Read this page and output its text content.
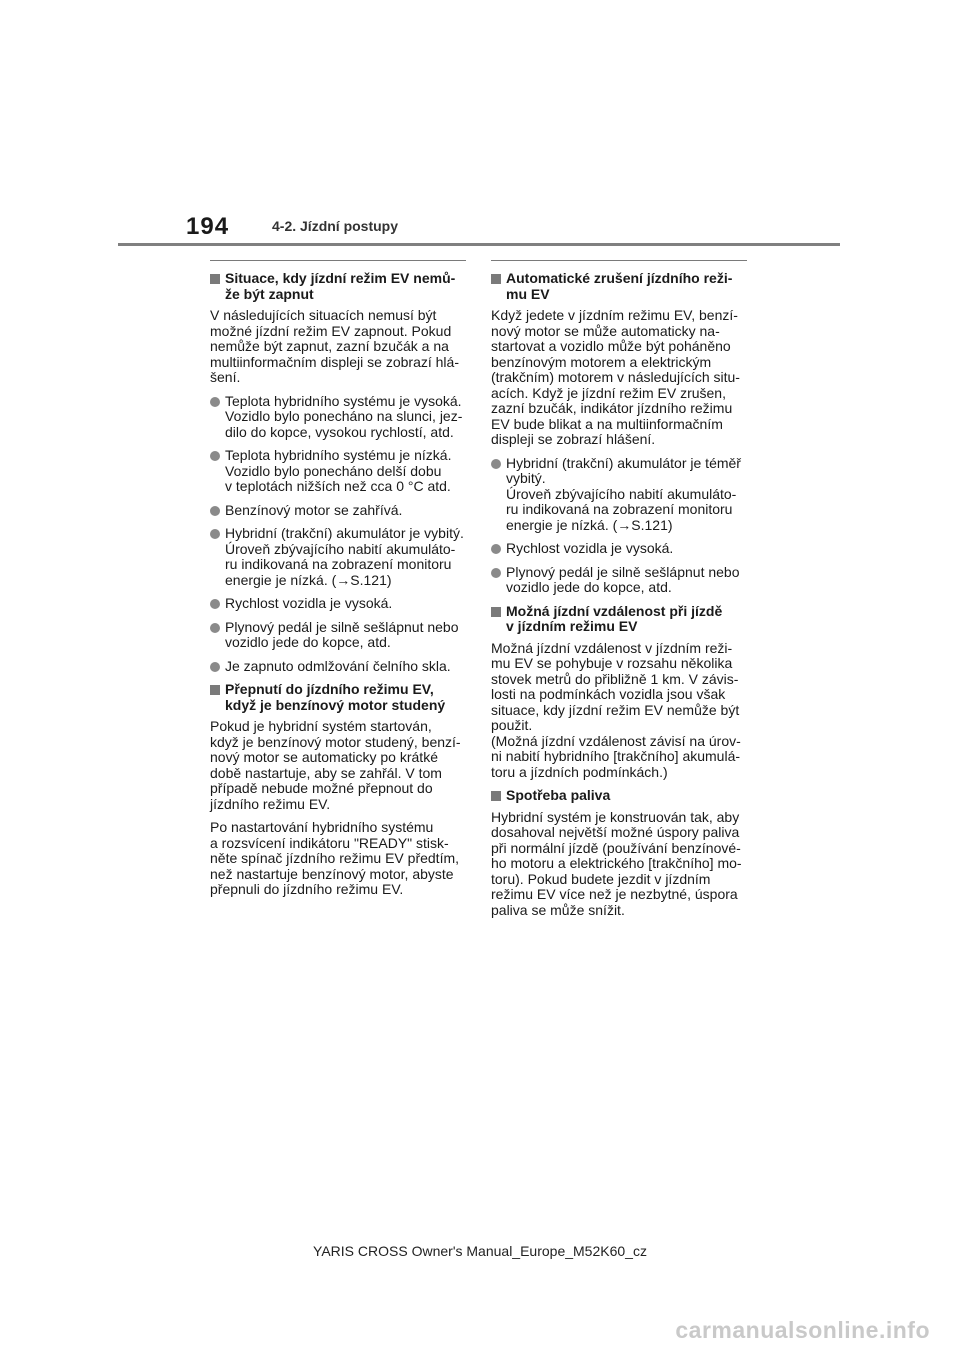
194	4-2. Jízdní postupy
Situace, kdy jízdní režim EV nemů-
že být zapnut
V následujících situacích nemusí být
možné jízdní režim EV zapnout. Pokud
nemůže být zapnut, zazní bzučák a na
multiinformačním displeji se zobrazí hlá-
šení.
Teplota hybridního systému je vysoká.
Vozidlo bylo ponecháno na slunci, jez-
dilo do kopce, vysokou rychlostí, atd.
Teplota hybridního systému je nízká.
Vozidlo bylo ponecháno delší dobu
v teplotách nižších než cca 0 °C atd.
Benzínový motor se zahřívá.
Hybridní (trakční) akumulátor je vybitý.
Úroveň zbývajícího nabití akumuláto-
ru indikovaná na zobrazení monitoru
energie je nízká. (→S.121)
Rychlost vozidla je vysoká.
Plynový pedál je silně sešlápnut nebo
vozidlo jede do kopce, atd.
Je zapnuto odmlžování čelního skla.
Přepnutí do jízdního režimu EV,
když je benzínový motor studený
Pokud je hybridní systém startován,
když je benzínový motor studený, benzí-
nový motor se automaticky po krátké
době nastartuje, aby se zahřál. V tom
případě nebude možné přepnout do
jízdního režimu EV.
Po nastartování hybridního systému
a rozsvícení indikátoru "READY" stisk-
něte spínač jízdního režimu EV předtím,
než nastartuje benzínový motor, abyste
přepnuli do jízdního režimu EV.
Automatické zrušení jízdního reži-
mu EV
Když jedete v jízdním režimu EV, benzí-
nový motor se může automaticky na-
startovat a vozidlo může být poháněno
benzínovým motorem a elektrickým
(trakčním) motorem v následujících situ-
acích. Když je jízdní režim EV zrušen,
zazní bzučák, indikátor jízdního režimu
EV bude blikat a na multiinformačním
displeji se zobrazí hlášení.
Hybridní (trakční) akumulátor je téměř
vybitý.
Úroveň zbývajícího nabití akumuláto-
ru indikovaná na zobrazení monitoru
energie je nízká. (→S.121)
Rychlost vozidla je vysoká.
Plynový pedál je silně sešlápnut nebo
vozidlo jede do kopce, atd.
Možná jízdní vzdálenost při jízdě
v jízdním režimu EV
Možná jízdní vzdálenost v jízdním reži-
mu EV se pohybuje v rozsahu několika
stovek metrů do přibližně 1 km. V závis-
losti na podmínkách vozidla jsou však
situace, kdy jízdní režim EV nemůže být
použit.
(Možná jízdní vzdálenost závisí na úrov-
ni nabití hybridního [trakčního] akumulá-
toru a jízdních podmínkách.)
Spotřeba paliva
Hybridní systém je konstruován tak, aby
dosahoval největší možné úspory paliva
při normální jízdě (používání benzínové-
ho motoru a elektrického [trakčního] mo-
toru). Pokud budete jezdit v jízdním
režimu EV více než je nezbytné, úspora
paliva se může snížit.
YARIS CROSS Owner's Manual_Europe_M52K60_cz
carmanualsonline.info
